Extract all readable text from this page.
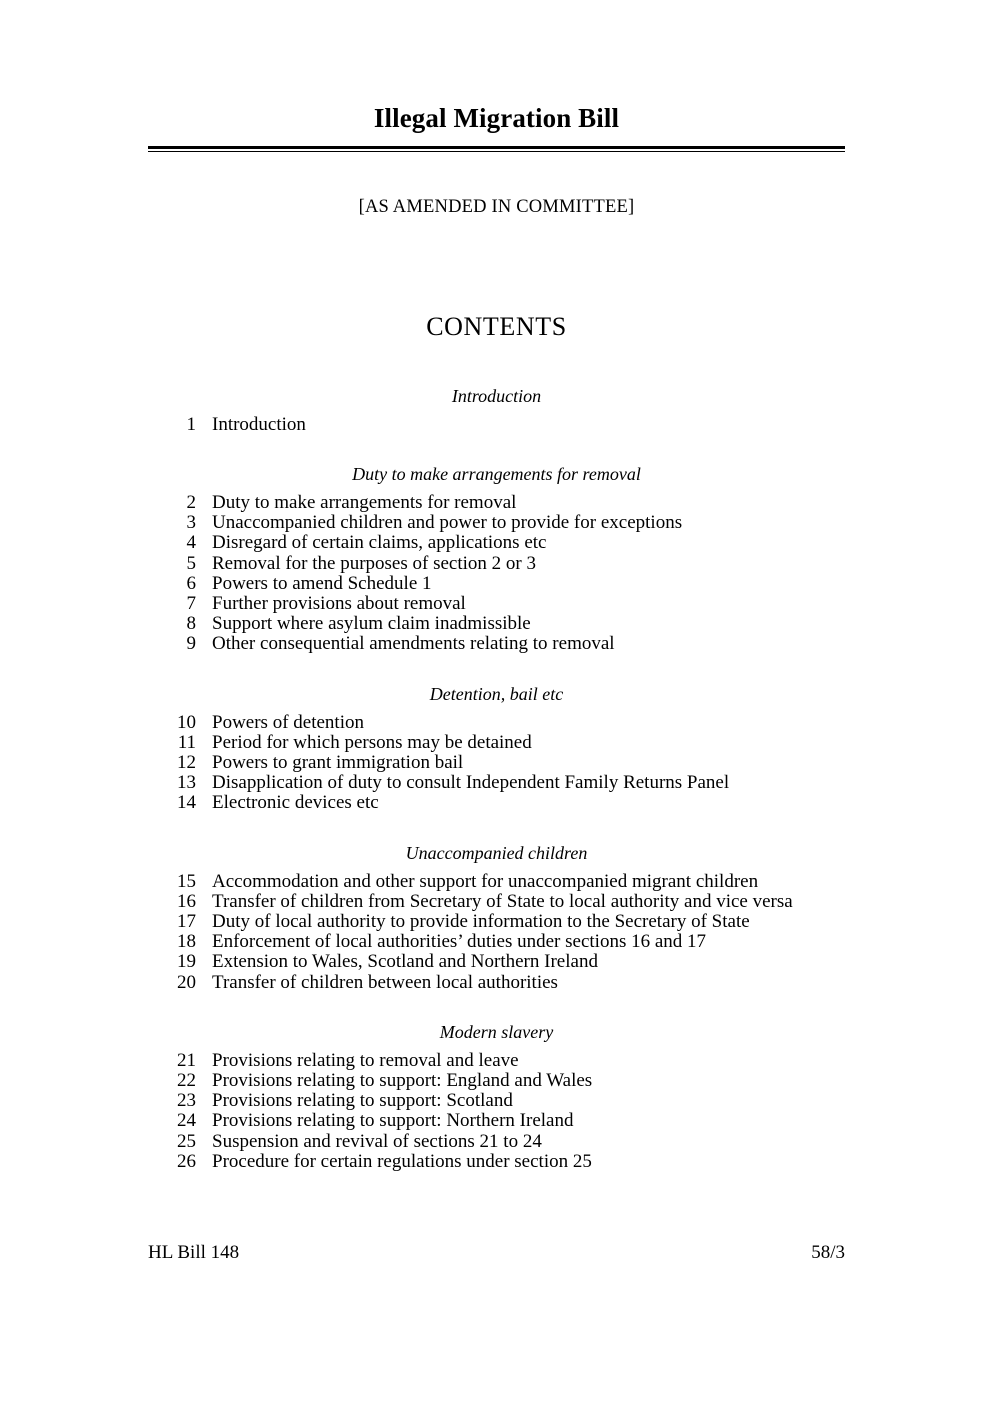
Illegal Migration Bill

[AS AMENDED IN COMMITTEE]

CONTENTS
Introduction
1 Introduction
Duty to make arrangements for removal
2 Duty to make arrangements for removal
3 Unaccompanied children and power to provide for exceptions
4 Disregard of certain claims, applications etc
5 Removal for the purposes of section 2 or 3
6 Powers to amend Schedule 1
7 Further provisions about removal
8 Support where asylum claim inadmissible
9 Other consequential amendments relating to removal
Detention, bail etc
10 Powers of detention
11 Period for which persons may be detained
12 Powers to grant immigration bail
13 Disapplication of duty to consult Independent Family Returns Panel
14 Electronic devices etc
Unaccompanied children
15 Accommodation and other support for unaccompanied migrant children
16 Transfer of children from Secretary of State to local authority and vice versa
17 Duty of local authority to provide information to the Secretary of State
18 Enforcement of local authorities’ duties under sections 16 and 17
19 Extension to Wales, Scotland and Northern Ireland
20 Transfer of children between local authorities
Modern slavery
21 Provisions relating to removal and leave
22 Provisions relating to support: England and Wales
23 Provisions relating to support: Scotland
24 Provisions relating to support: Northern Ireland
25 Suspension and revival of sections 21 to 24
26 Procedure for certain regulations under section 25
HL Bill 148	58/3
